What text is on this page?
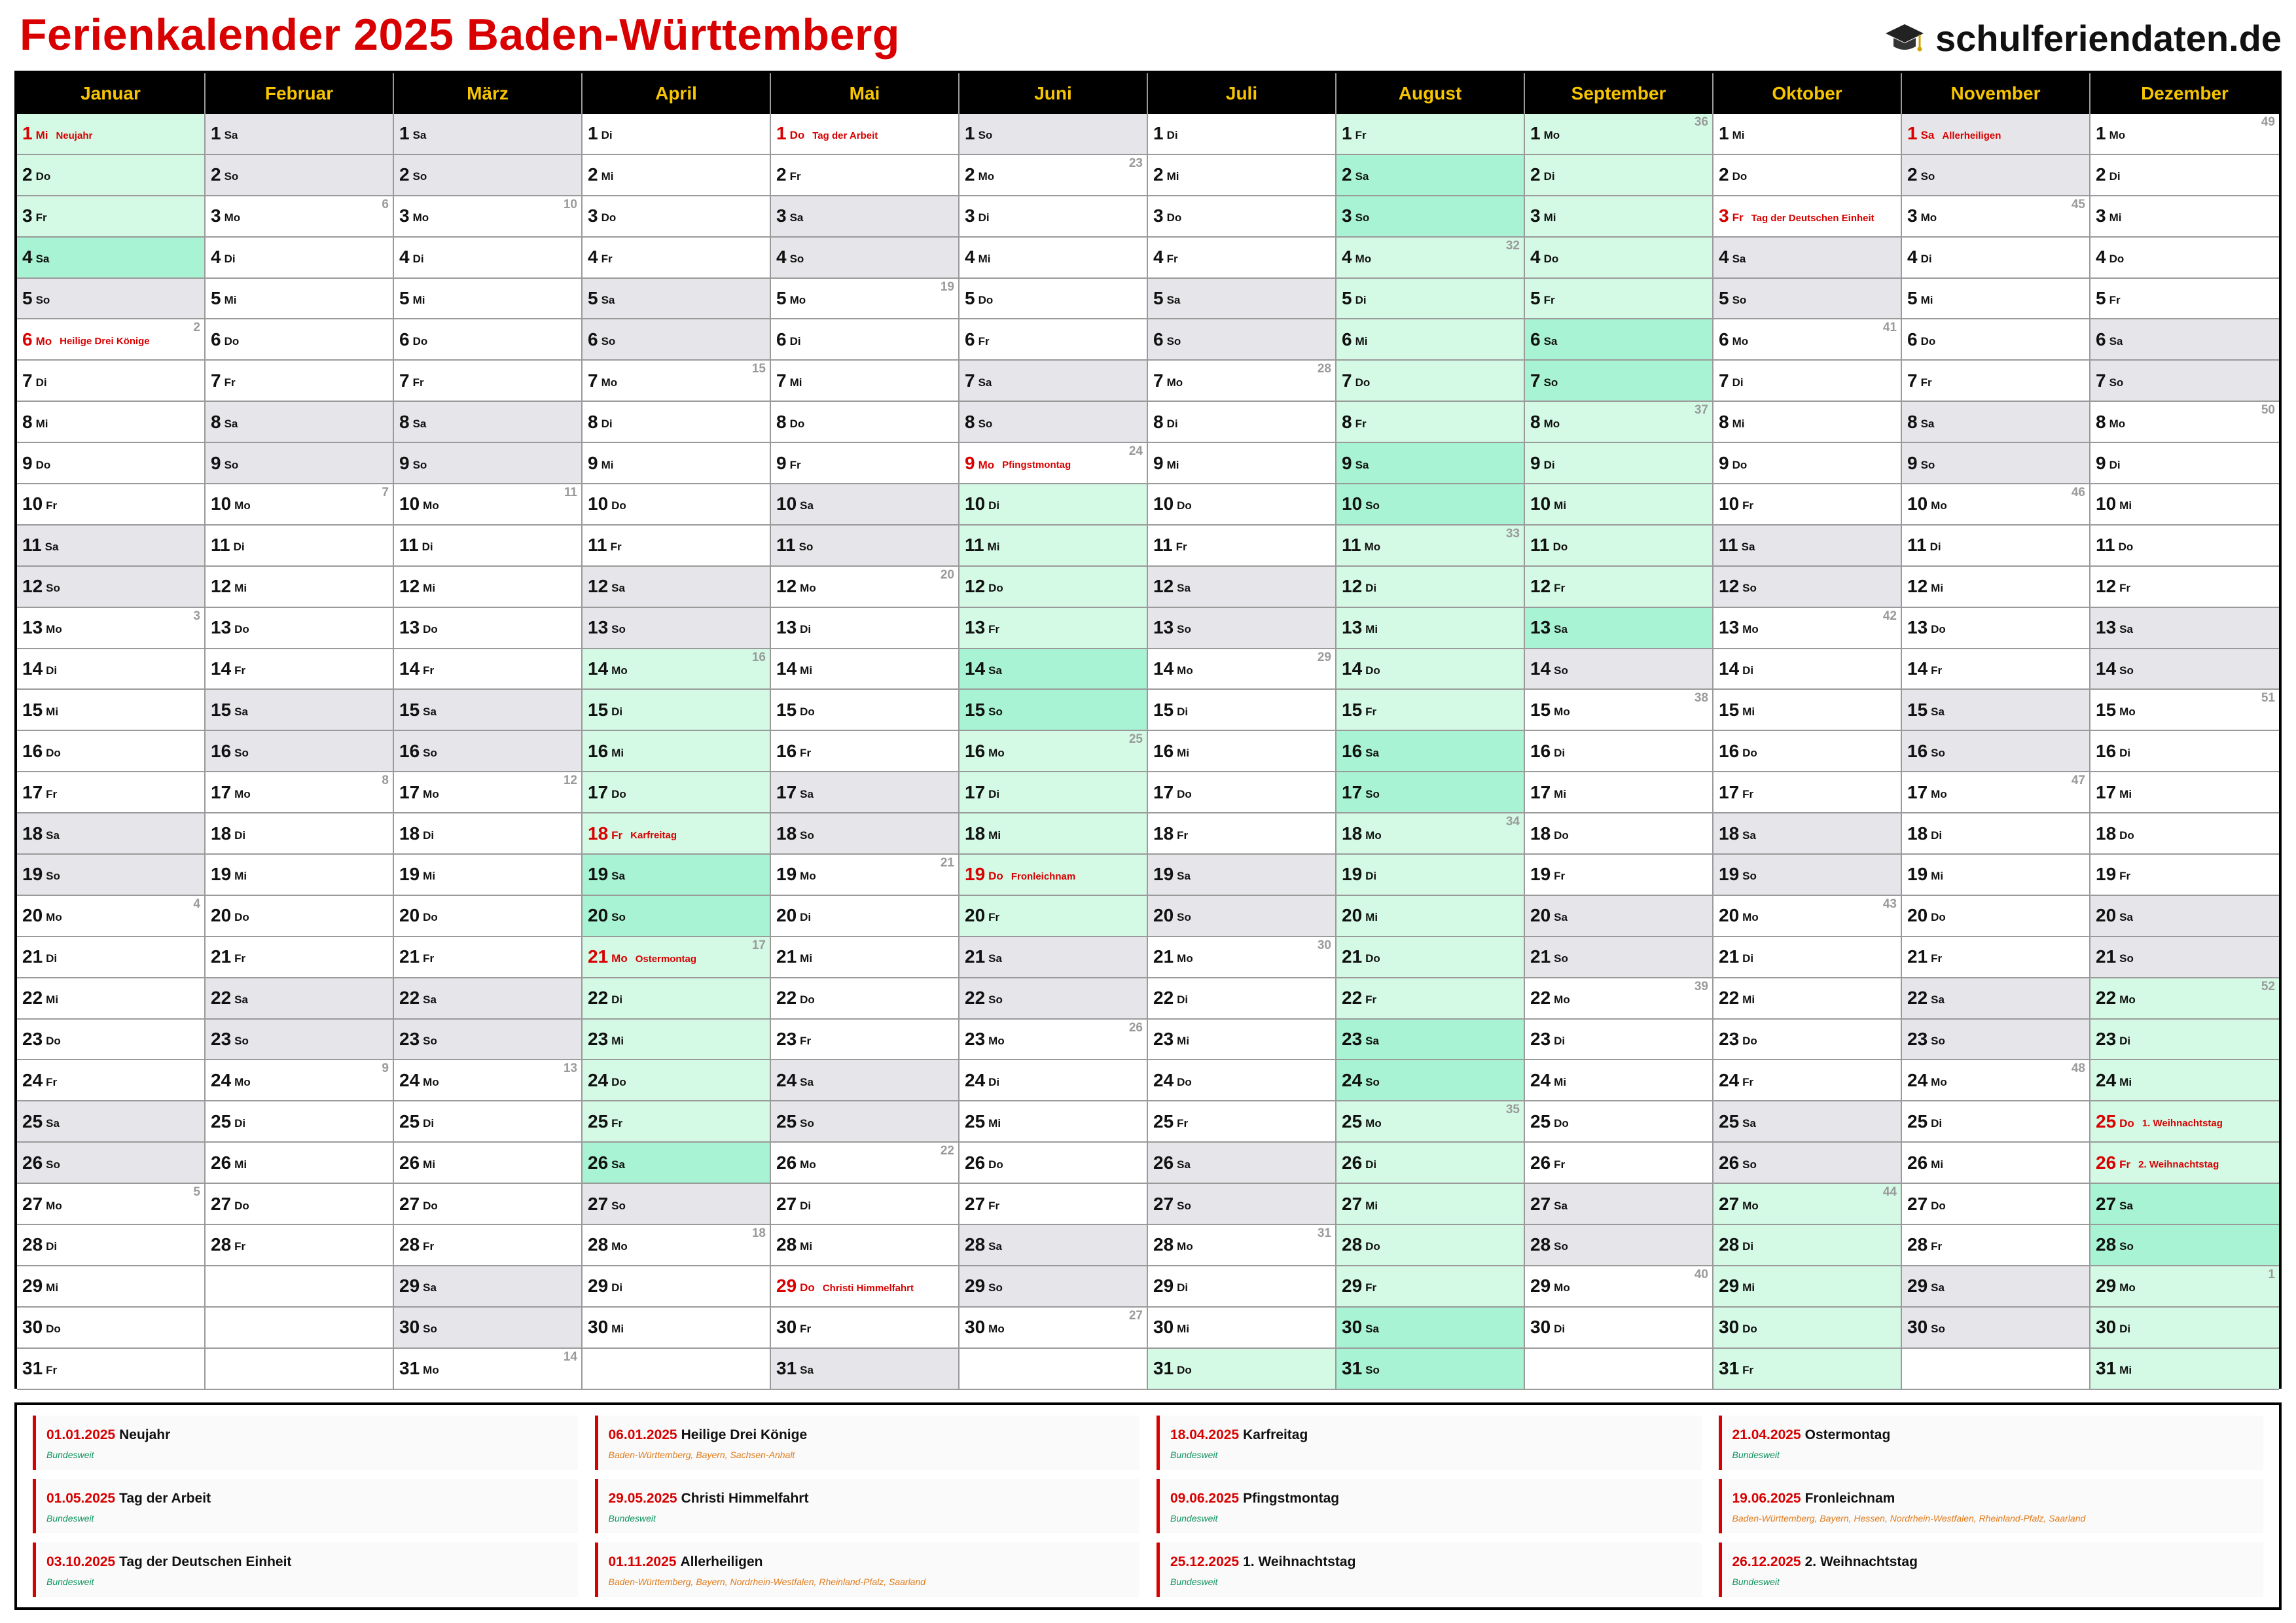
Ferienkalender 2025 Baden-Württemberg	schulferiendaten.de
Januar
1 Mi Neujahr
2 Do
3 Fr
4 Sa
5 So
6 Mo Heilige Drei Könige
2
7 Di
8 Mi
9 Do
10 Fr
11 Sa
12 So
13 Mo
3
14 Di
15 Mi
16 Do
17 Fr
18 Sa
19 So
20 Mo
4
21 Di
22 Mi
23 Do
24 Fr
25 Sa
26 So
27 Mo
5
28 Di
29 Mi
30 Do
31 Fr
Februar
1 Sa
2 So
3 Mo
6
4 Di
5 Mi
6 Do
7 Fr
8 Sa
9 So
10 Mo
7
11 Di
12 Mi
13 Do
14 Fr
15 Sa
16 So
17 Mo
8
18 Di
19 Mi
20 Do
21 Fr
22 Sa
23 So
24 Mo
9
25 Di
26 Mi
27 Do
28 Fr
März
1 Sa
2 So
3 Mo
10
4 Di
5 Mi
6 Do
7 Fr
8 Sa
9 So
10 Mo
11
11 Di
12 Mi
13 Do
14 Fr
15 Sa
16 So
17 Mo
12
18 Di
19 Mi
20 Do
21 Fr
22 Sa
23 So
24 Mo
13
25 Di
26 Mi
27 Do
28 Fr
29 Sa
30 So
31 Mo
14
April
1 Di
2 Mi
3 Do
4 Fr
5 Sa
6 So
7 Mo
15
8 Di
9 Mi
10 Do
11 Fr
12 Sa
13 So
14 Mo
16
15 Di
16 Mi
17 Do
18 Fr Karfreitag
19 Sa
20 So
21 Mo Ostermontag
17
22 Di
23 Mi
24 Do
25 Fr
26 Sa
27 So
28 Mo
18
29 Di
30 Mi
Mai
1 Do Tag der Arbeit
2 Fr
3 Sa
4 So
5 Mo
19
6 Di
7 Mi
8 Do
9 Fr
10 Sa
11 So
12 Mo
20
13 Di
14 Mi
15 Do
16 Fr
17 Sa
18 So
19 Mo
21
20 Di
21 Mi
22 Do
23 Fr
24 Sa
25 So
26 Mo
22
27 Di
28 Mi
29 Do Christi Himmelfahrt
30 Fr
31 Sa
Juni
1 So
2 Mo
23
3 Di
4 Mi
5 Do
6 Fr
7 Sa
8 So
9 Mo Pfingstmontag
24
10 Di
11 Mi
12 Do
13 Fr
14 Sa
15 So
16 Mo
25
17 Di
18 Mi
19 Do Fronleichnam
20 Fr
21 Sa
22 So
23 Mo
26
24 Di
25 Mi
26 Do
27 Fr
28 Sa
29 So
30 Mo
27
Juli
1 Di
2 Mi
3 Do
4 Fr
5 Sa
6 So
7 Mo
28
8 Di
9 Mi
10 Do
11 Fr
12 Sa
13 So
14 Mo
29
15 Di
16 Mi
17 Do
18 Fr
19 Sa
20 So
21 Mo
30
22 Di
23 Mi
24 Do
25 Fr
26 Sa
27 So
28 Mo
31
29 Di
30 Mi
31 Do
August
1 Fr
2 Sa
3 So
4 Mo
32
5 Di
6 Mi
7 Do
8 Fr
9 Sa
10 So
11 Mo
33
12 Di
13 Mi
14 Do
15 Fr
16 Sa
17 So
18 Mo
34
19 Di
20 Mi
21 Do
22 Fr
23 Sa
24 So
25 Mo
35
26 Di
27 Mi
28 Do
29 Fr
30 Sa
31 So
September
1 Mo
36
2 Di
3 Mi
4 Do
5 Fr
6 Sa
7 So
8 Mo
37
9 Di
10 Mi
11 Do
12 Fr
13 Sa
14 So
15 Mo
38
16 Di
17 Mi
18 Do
19 Fr
20 Sa
21 So
22 Mo
39
23 Di
24 Mi
25 Do
26 Fr
27 Sa
28 So
29 Mo
40
30 Di
Oktober
1 Mi
2 Do
3 Fr Tag der Deutschen Einheit
4 Sa
5 So
6 Mo
41
7 Di
8 Mi
9 Do
10 Fr
11 Sa
12 So
13 Mo
42
14 Di
15 Mi
16 Do
17 Fr
18 Sa
19 So
20 Mo
43
21 Di
22 Mi
23 Do
24 Fr
25 Sa
26 So
27 Mo
44
28 Di
29 Mi
30 Do
31 Fr
November
1 Sa Allerheiligen
2 So
3 Mo
45
4 Di
5 Mi
6 Do
7 Fr
8 Sa
9 So
10 Mo
46
11 Di
12 Mi
13 Do
14 Fr
15 Sa
16 So
17 Mo
47
18 Di
19 Mi
20 Do
21 Fr
22 Sa
23 So
24 Mo
48
25 Di
26 Mi
27 Do
28 Fr
29 Sa
30 So
Dezember
1 Mo
49
2 Di
3 Mi
4 Do
5 Fr
6 Sa
7 So
8 Mo
50
9 Di
10 Mi
11 Do
12 Fr
13 Sa
14 So
15 Mo
51
16 Di
17 Mi
18 Do
19 Fr
20 Sa
21 So
22 Mo
52
23 Di
24 Mi
25 Do 1. Weihnachtstag
26 Fr 2. Weihnachtstag
27 Sa
28 So
29 Mo
1
30 Di
31 Mi
01.01.2025 Neujahr
Bundesweit
06.01.2025 Heilige Drei Könige
Baden-Württemberg, Bayern, Sachsen-Anhalt
18.04.2025 Karfreitag
Bundesweit
21.04.2025 Ostermontag
Bundesweit
01.05.2025 Tag der Arbeit
Bundesweit
29.05.2025 Christi Himmelfahrt
Bundesweit
09.06.2025 Pfingstmontag
Bundesweit
19.06.2025 Fronleichnam
Baden-Württemberg, Bayern, Hessen, Nordrhein-Westfalen, Rheinland-Pfalz, Saarland
03.10.2025 Tag der Deutschen Einheit
Bundesweit
01.11.2025 Allerheiligen
Baden-Württemberg, Bayern, Nordrhein-Westfalen, Rheinland-Pfalz, Saarland
25.12.2025 1. Weihnachtstag
Bundesweit
26.12.2025 2. Weihnachtstag
Bundesweit
